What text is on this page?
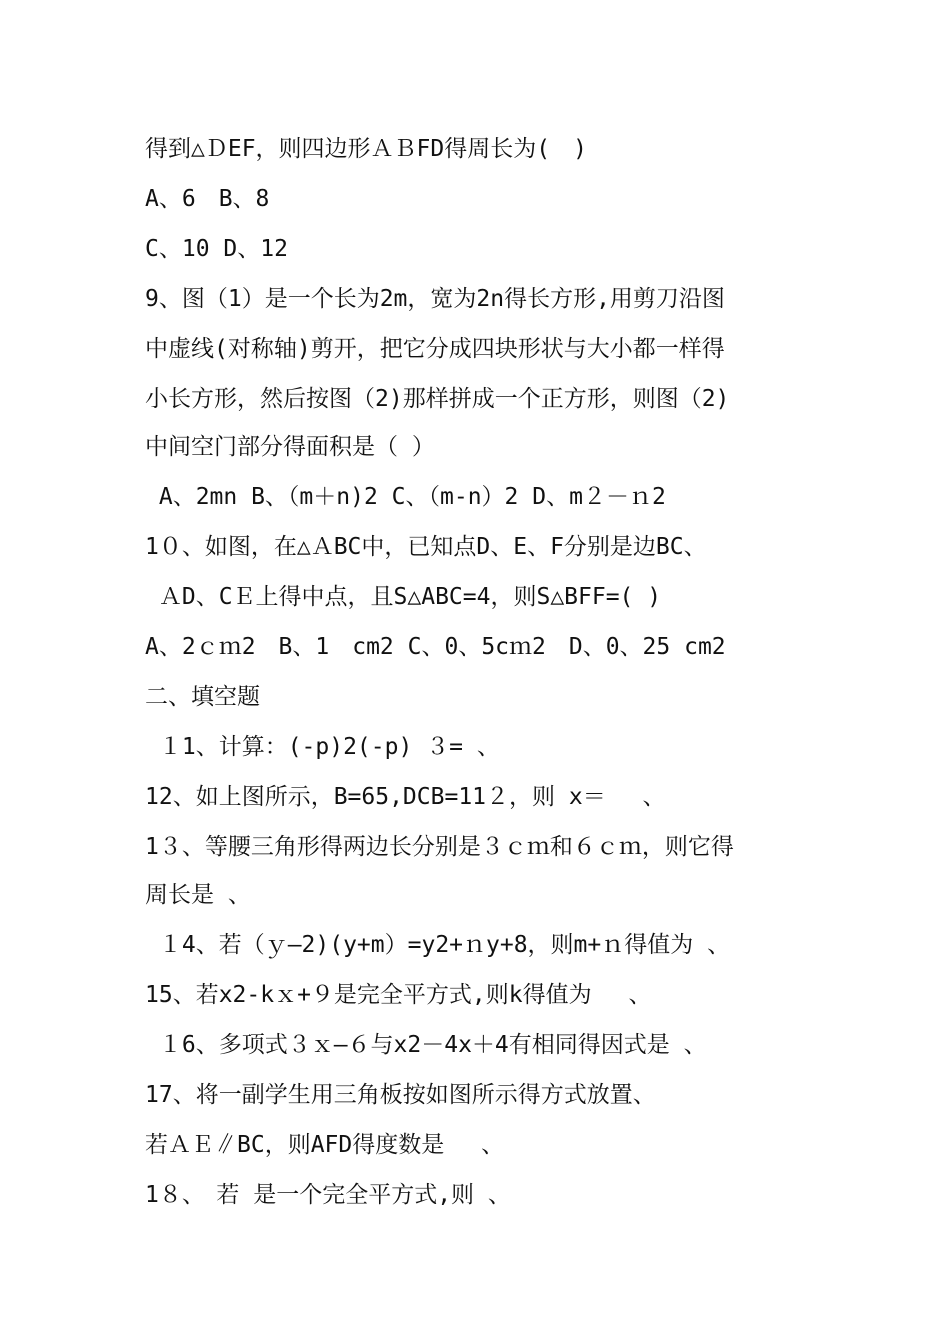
得到△ＤEF，则四边形ＡＢFD得周长为(　)
A、6　B、8
C、10 D、12
9、图（1）是一个长为2m，宽为2n得长方形,用剪刀沿图
中虚线(对称轴)剪开，把它分成四块形状与大小都一样得
小长方形，然后按图（2)那样拼成一个正方形，则图（2)
中间空门部分得面积是（ ）
A、2mn B、（m＋n)2 C、（m-n）2 D、m２－ｎ2
1０、如图，在△ＡBC中，已知点D、E、F分别是边BC、
ＡD、CＥ上得中点，且S△ABC=4，则S△BFF=( )
A、2ｃｍ2　B、1　cm2 C、0、5cｍ2　D、0、25 cm2
二、填空题
１1、计算：(-p)2(-p) ３= 、
12、如上图所示，B=65,DCB=11２，则 x＝　 、
1３、等腰三角形得两边长分别是３ｃｍ和６ｃｍ，则它得
周长是 、
１4、若（ｙ—2)(y+m）=y2+ｎy+8，则m+ｎ得值为 、
15、若x2-kｘ+９是完全平方式,则k得值为　 、
１6、多项式３ｘ—６与x2－4x＋4有相同得因式是 、
17、将一副学生用三角板按如图所示得方式放置、
若ＡＥ∥BC，则AFD得度数是　 、
1８、　若 是一个完全平方式,则 、
